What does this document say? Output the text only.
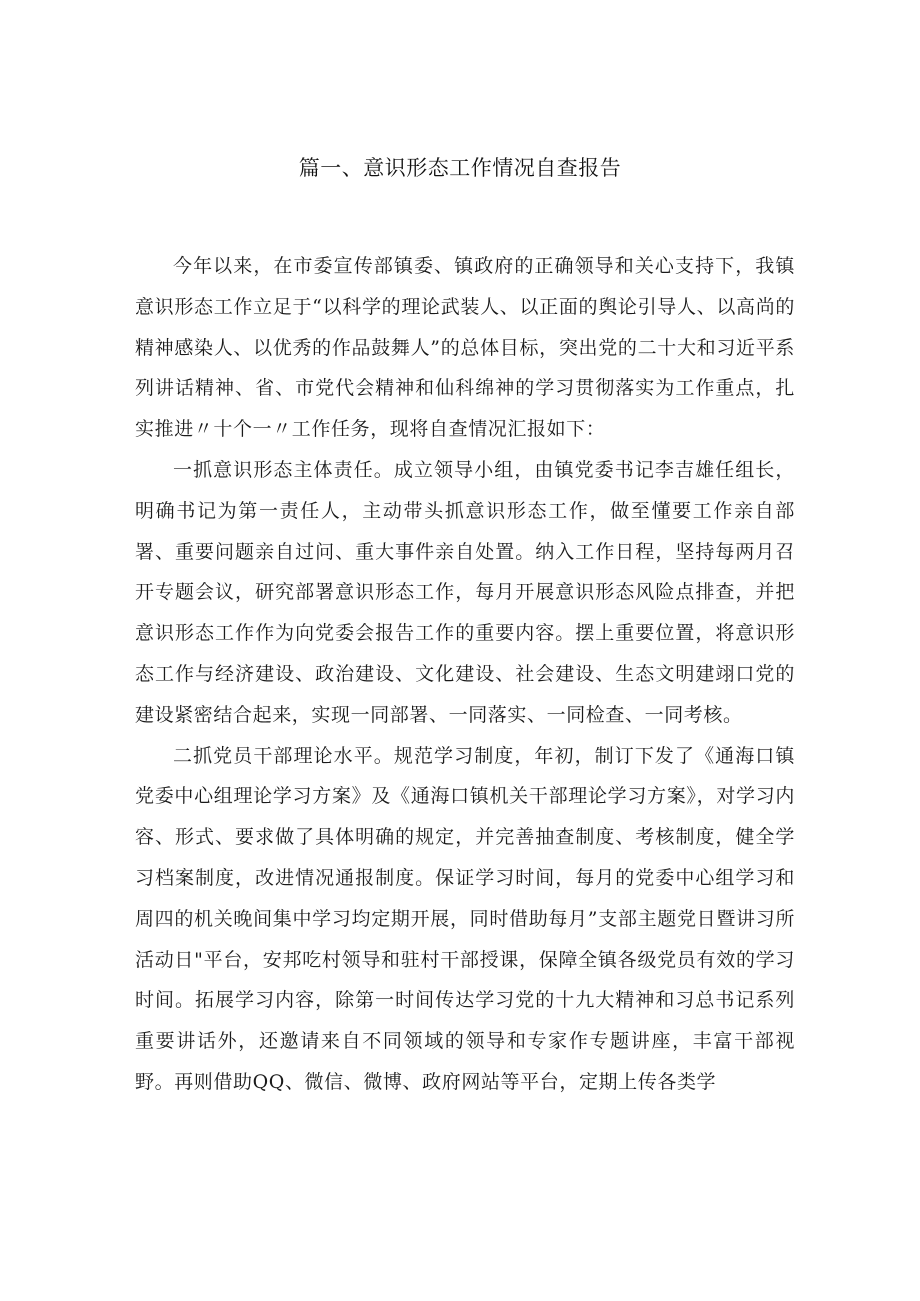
篇一、意识形态工作情况自查报告

今年以来，在市委宣传部镇委、镇政府的正确领导和关心支持下，我镇意识形态工作立足于“以科学的理论武装人、以正面的舆论引导人、以高尚的精神感染人、以优秀的作品鼓舞人”的总体目标，突出党的二十大和习近平系列讲话精神、省、市党代会精神和仙科绵神的学习贯彻落实为工作重点，扎实推进〃十个一〃工作任务，现将自查情况汇报如下：

一抓意识形态主体责任。成立领导小组，由镇党委书记李吉雄任组长，明确书记为第一责任人，主动带头抓意识形态工作，做至懂要工作亲自部署、重要问题亲自过问、重大事件亲自处置。纳入工作日程，坚持每两月召开专题会议，研究部署意识形态工作，每月开展意识形态风险点排查，并把意识形态工作作为向党委会报告工作的重要内容。摆上重要位置，将意识形态工作与经济建设、政治建设、文化建设、社会建设、生态文明建翊口党的建设紧密结合起来，实现一同部署、一同落实、一同检查、一同考核。

二抓党员干部理论水平。规范学习制度，年初，制订下发了《通海口镇党委中心组理论学习方案》及《通海口镇机关干部理论学习方案》，对学习内容、形式、要求做了具体明确的规定，并完善抽查制度、考核制度，健全学习档案制度，改进情况通报制度。保证学习时间，每月的党委中心组学习和周四的机关晚间集中学习均定期开展，同时借助每月”支部主题党日暨讲习所活动日"平台，安邦吃村领导和驻村干部授课，保障全镇各级党员有效的学习时间。拓展学习内容，除第一时间传达学习党的十九大精神和习总书记系列重要讲话外，还邀请来自不同领域的领导和专家作专题讲座，丰富干部视野。再则借助QQ、微信、微博、政府网站等平台，定期上传各类学
